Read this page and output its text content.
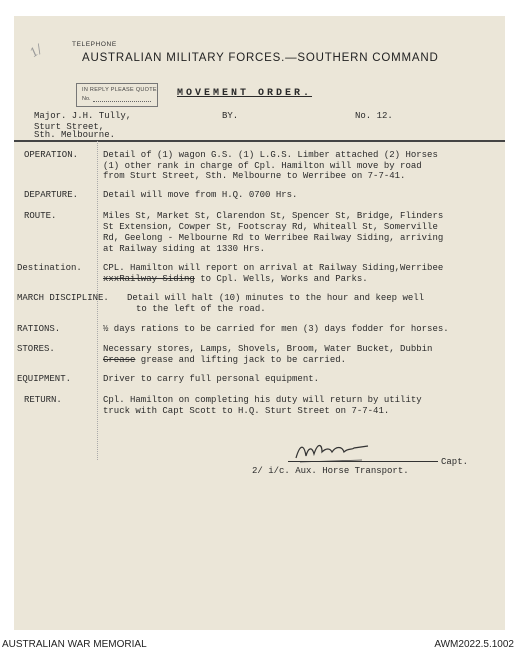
1/	TELEPHONE
AUSTRALIAN MILITARY FORCES.—SOUTHERN COMMAND
IN REPLY PLEASE QUOTE
No.	MOVEMENT ORDER.
Major. J.H. Tully,
Sturt Street,
Sth. Melbourne.
BY.	No. 12.
OPERATION.	Detail of (1) wagon G.S. (1) L.G.S. Limber attached (2) Horses
(1) other rank in charge of Cpl. Hamilton will move by road
from Sturt Street, Sth. Melbourne to Werribee on 7-7-41.
DEPARTURE.	Detail will move from H.Q. 0700 Hrs.
ROUTE.	Miles St, Market St, Clarendon St, Spencer St, Bridge, Flinders
St Extension, Cowper St, Footscray Rd, Whiteall St, Somerville
Rd, Geelong - Melbourne Rd to Werribee Railway Siding, arriving
at Railway siding at 1330 Hrs.
Destination. CPL. Hamilton will report on arrival at Railway Siding,Werribee
xxxRailway Siding to Cpl. Wells, Works and Parks.
MARCH DISCIPLINE. Detail will halt (10) minutes to the hour and keep well
to the left of the road.
RATIONS.	½ days rations to be carried for men (3) days fodder for horses.
STORES.	Necessary stores, Lamps, Shovels, Broom, Water Bucket, Dubbin
Grease grease and lifting jack to be carried.
EQUIPMENT.	Driver to carry full personal equipment.
RETURN.	Cpl. Hamilton on completing his duty will return by utility
truck with Capt Scott to H.Q. Sturt Street on 7-7-41.
Capt.
2/ i/c. Aux. Horse Transport.
AUSTRALIAN WAR MEMORIAL	AWM2022.5.1002
